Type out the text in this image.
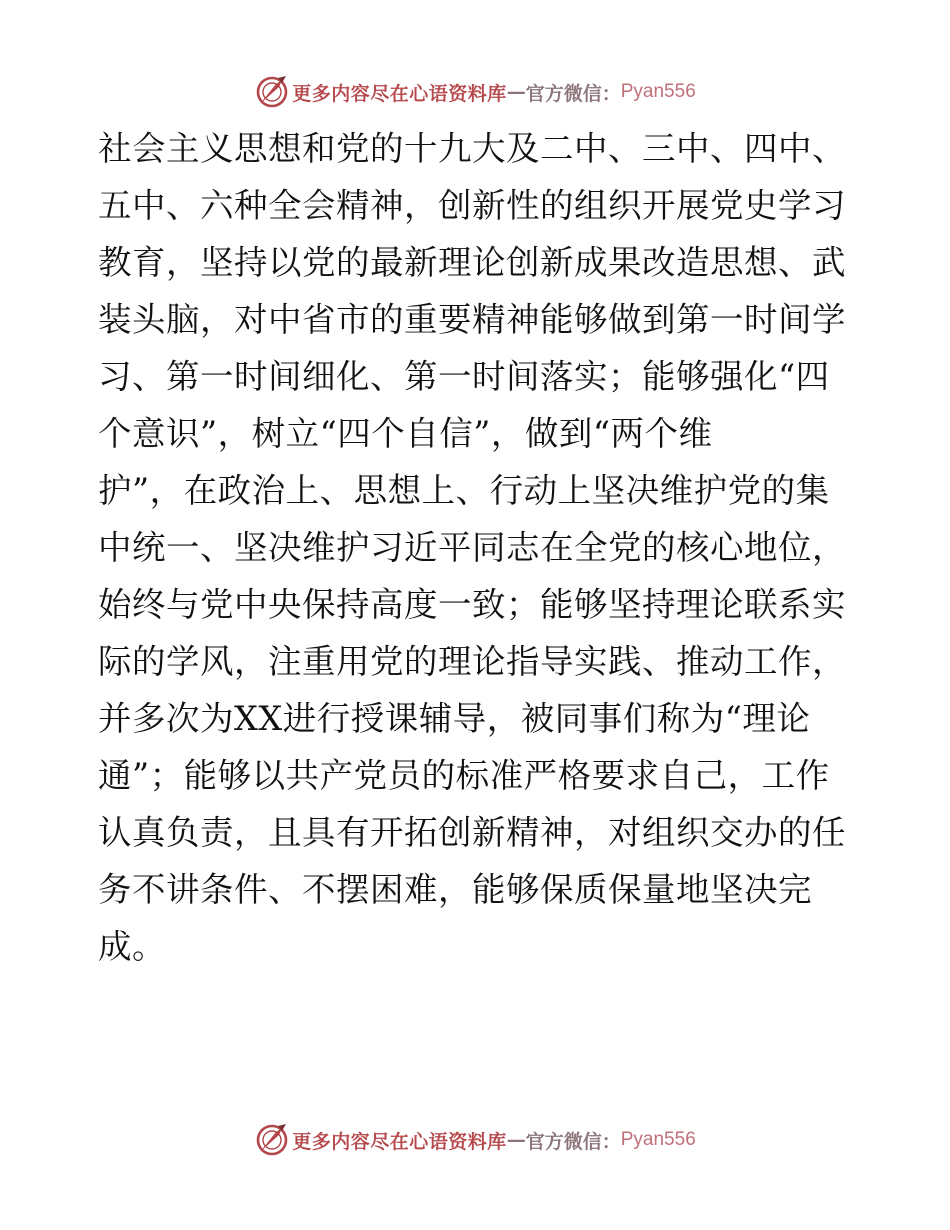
更多内容尽在心语资料库 — 官方微信： Pyan556
社会主义思想和党的十九大及二中、三中、四中、
五中、六种全会精神，创新性的组织开展党史学习
教育，坚持以党的最新理论创新成果改造思想、武
装头脑，对中省市的重要精神能够做到第一时间学
习、第一时间细化、第一时间落实；能够强化“四
个意识”，树立“四个自信”，做到“两个维
护”，在政治上、思想上、行动上坚决维护党的集
中统一、坚决维护习近平同志在全党的核心地位，
始终与党中央保持高度一致；能够坚持理论联系实
际的学风，注重用党的理论指导实践、推动工作，
并多次为XX进行授课辅导，被同事们称为“理论
通”；能够以共产党员的标准严格要求自己，工作
认真负责，且具有开拓创新精神，对组织交办的任
务不讲条件、不摆困难，能够保质保量地坚决完
成。
更多内容尽在心语资料库 — 官方微信： Pyan556
